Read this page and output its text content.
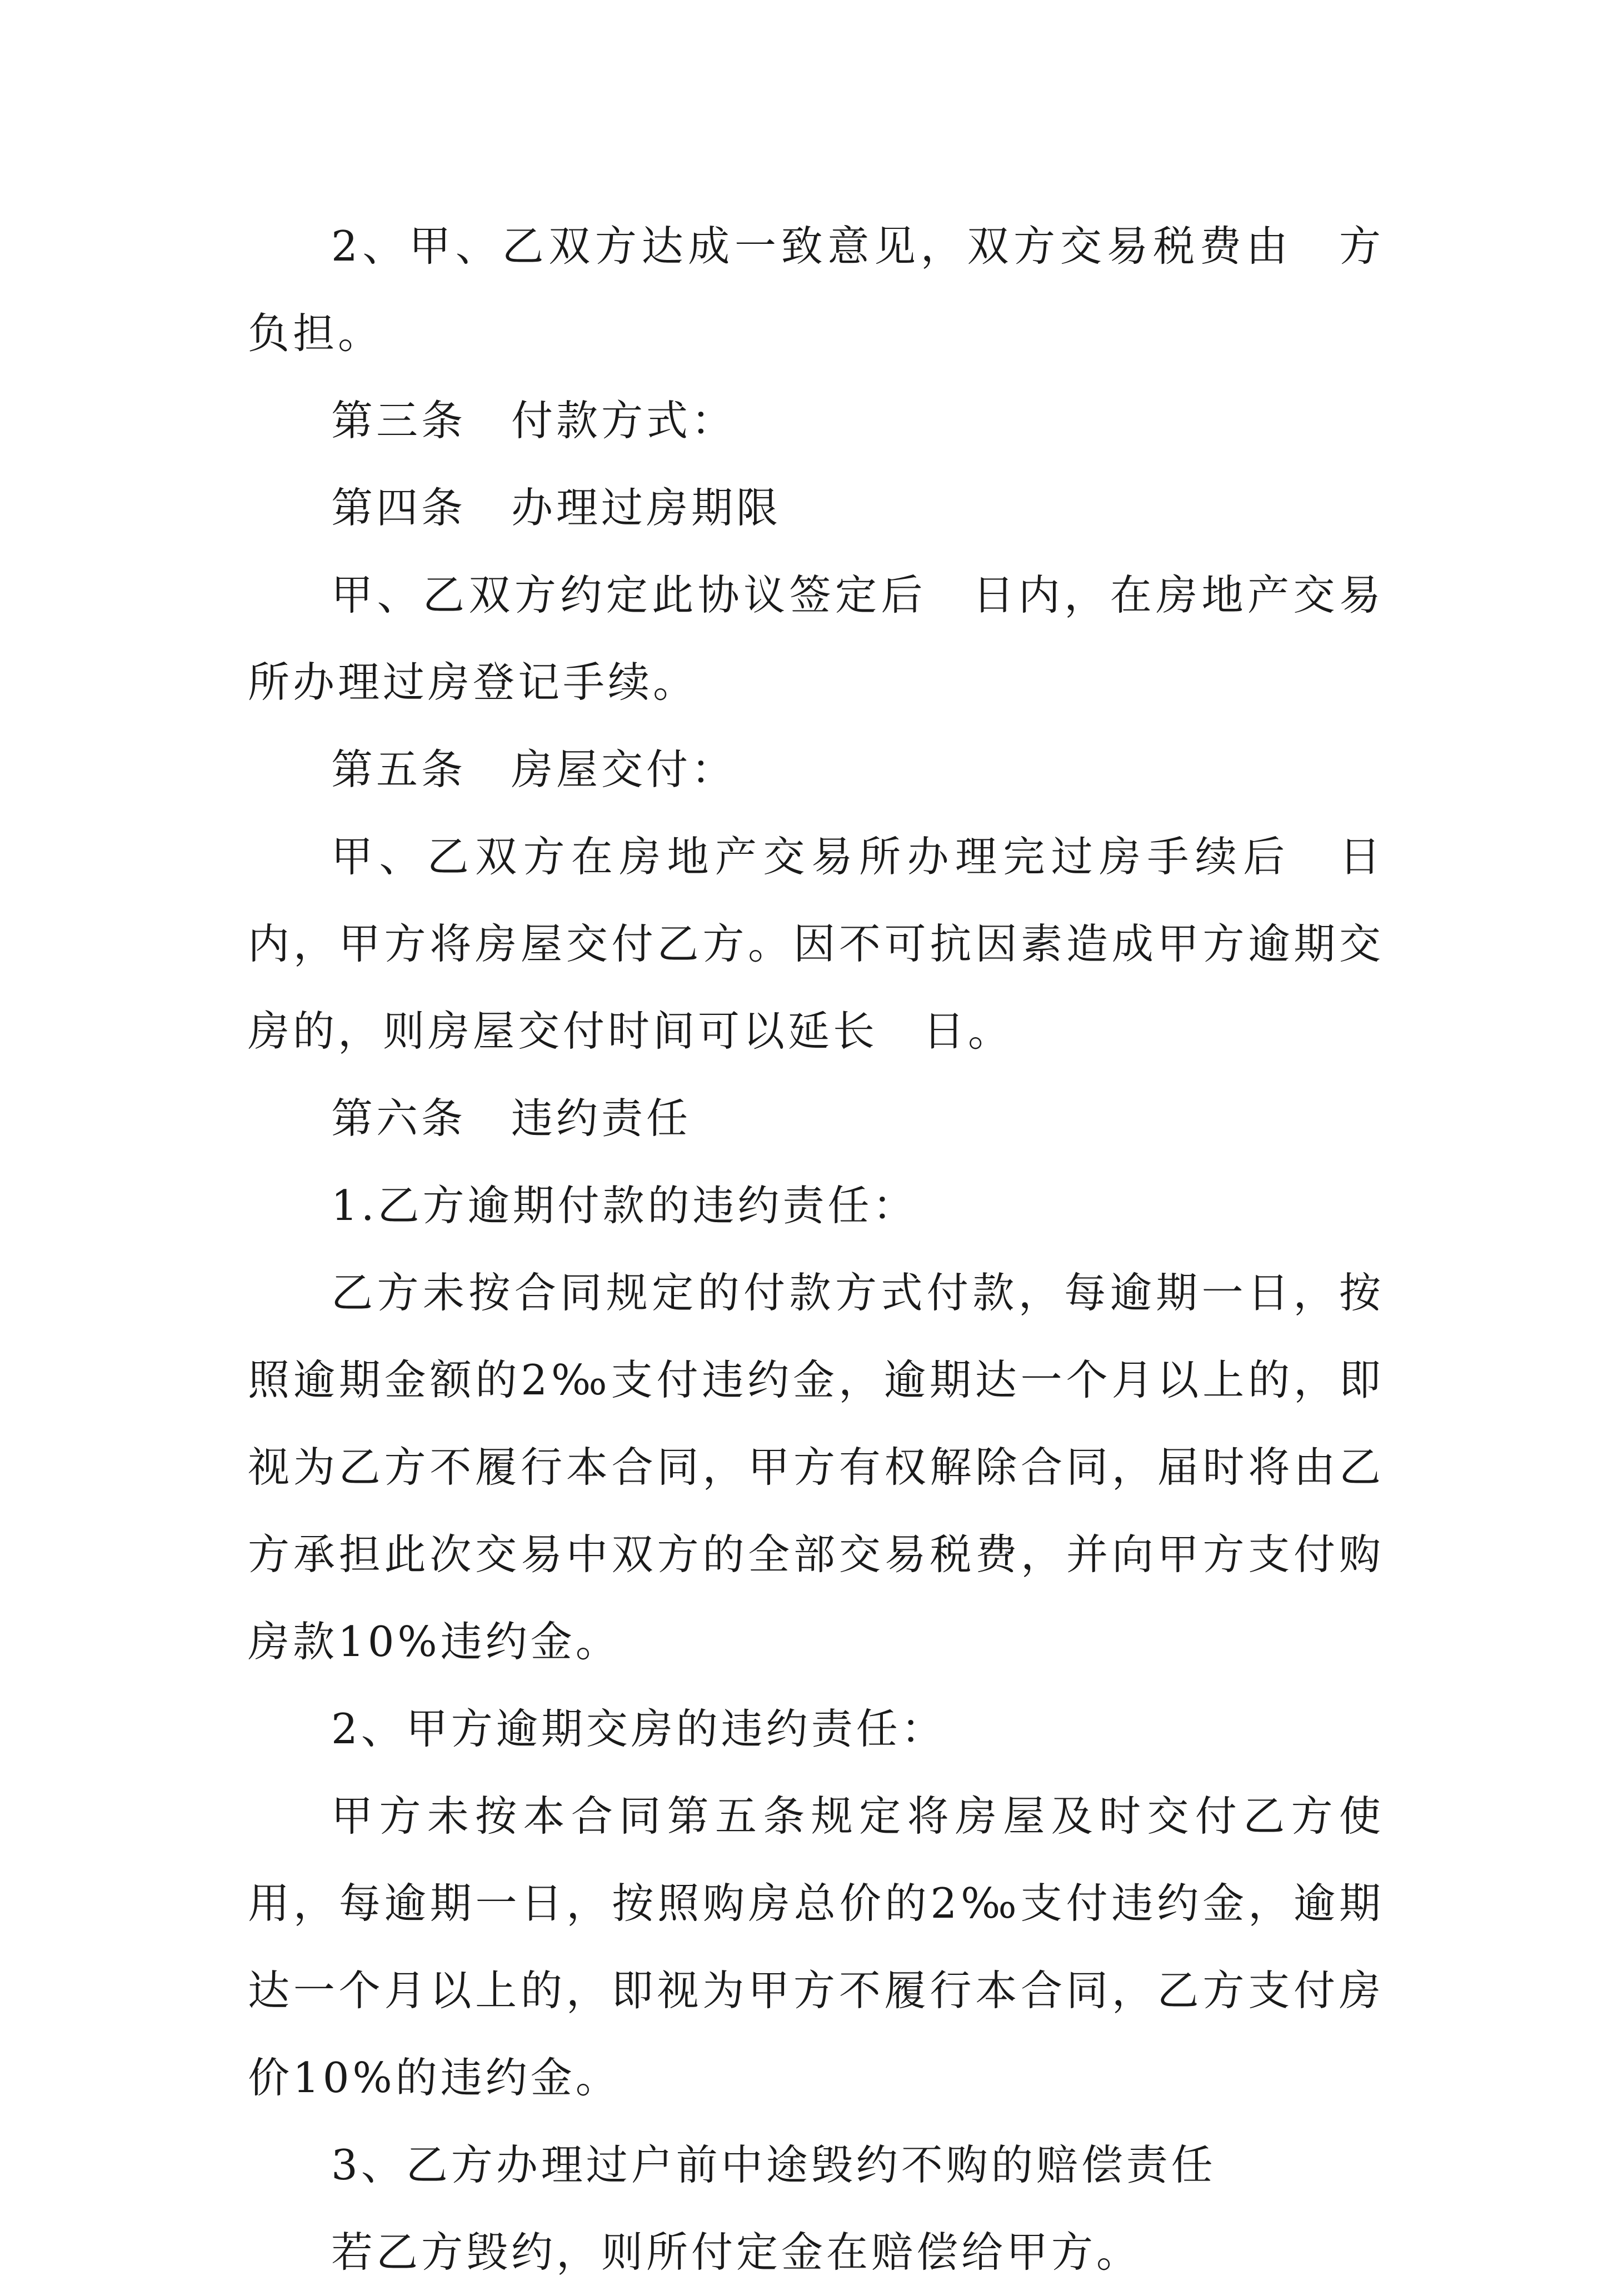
2、甲、乙双方达成一致意见，双方交易税费由　方负担。

第三条　付款方式：

第四条　办理过房期限

甲、乙双方约定此协议签定后　日内，在房地产交易所办理过房登记手续。

第五条　房屋交付：

甲、乙双方在房地产交易所办理完过房手续后　日内，甲方将房屋交付乙方。因不可抗因素造成甲方逾期交房的，则房屋交付时间可以延长　日。

第六条　违约责任

1.乙方逾期付款的违约责任：

乙方未按合同规定的付款方式付款，每逾期一日，按照逾期金额的2‰支付违约金，逾期达一个月以上的，即视为乙方不履行本合同，甲方有权解除合同，届时将由乙方承担此次交易中双方的全部交易税费，并向甲方支付购房款10%违约金。

2、甲方逾期交房的违约责任：

甲方未按本合同第五条规定将房屋及时交付乙方使用，每逾期一日，按照购房总价的2‰支付违约金，逾期达一个月以上的，即视为甲方不履行本合同，乙方支付房价10%的违约金。

3、乙方办理过户前中途毁约不购的赔偿责任

若乙方毁约，则所付定金在赔偿给甲方。
